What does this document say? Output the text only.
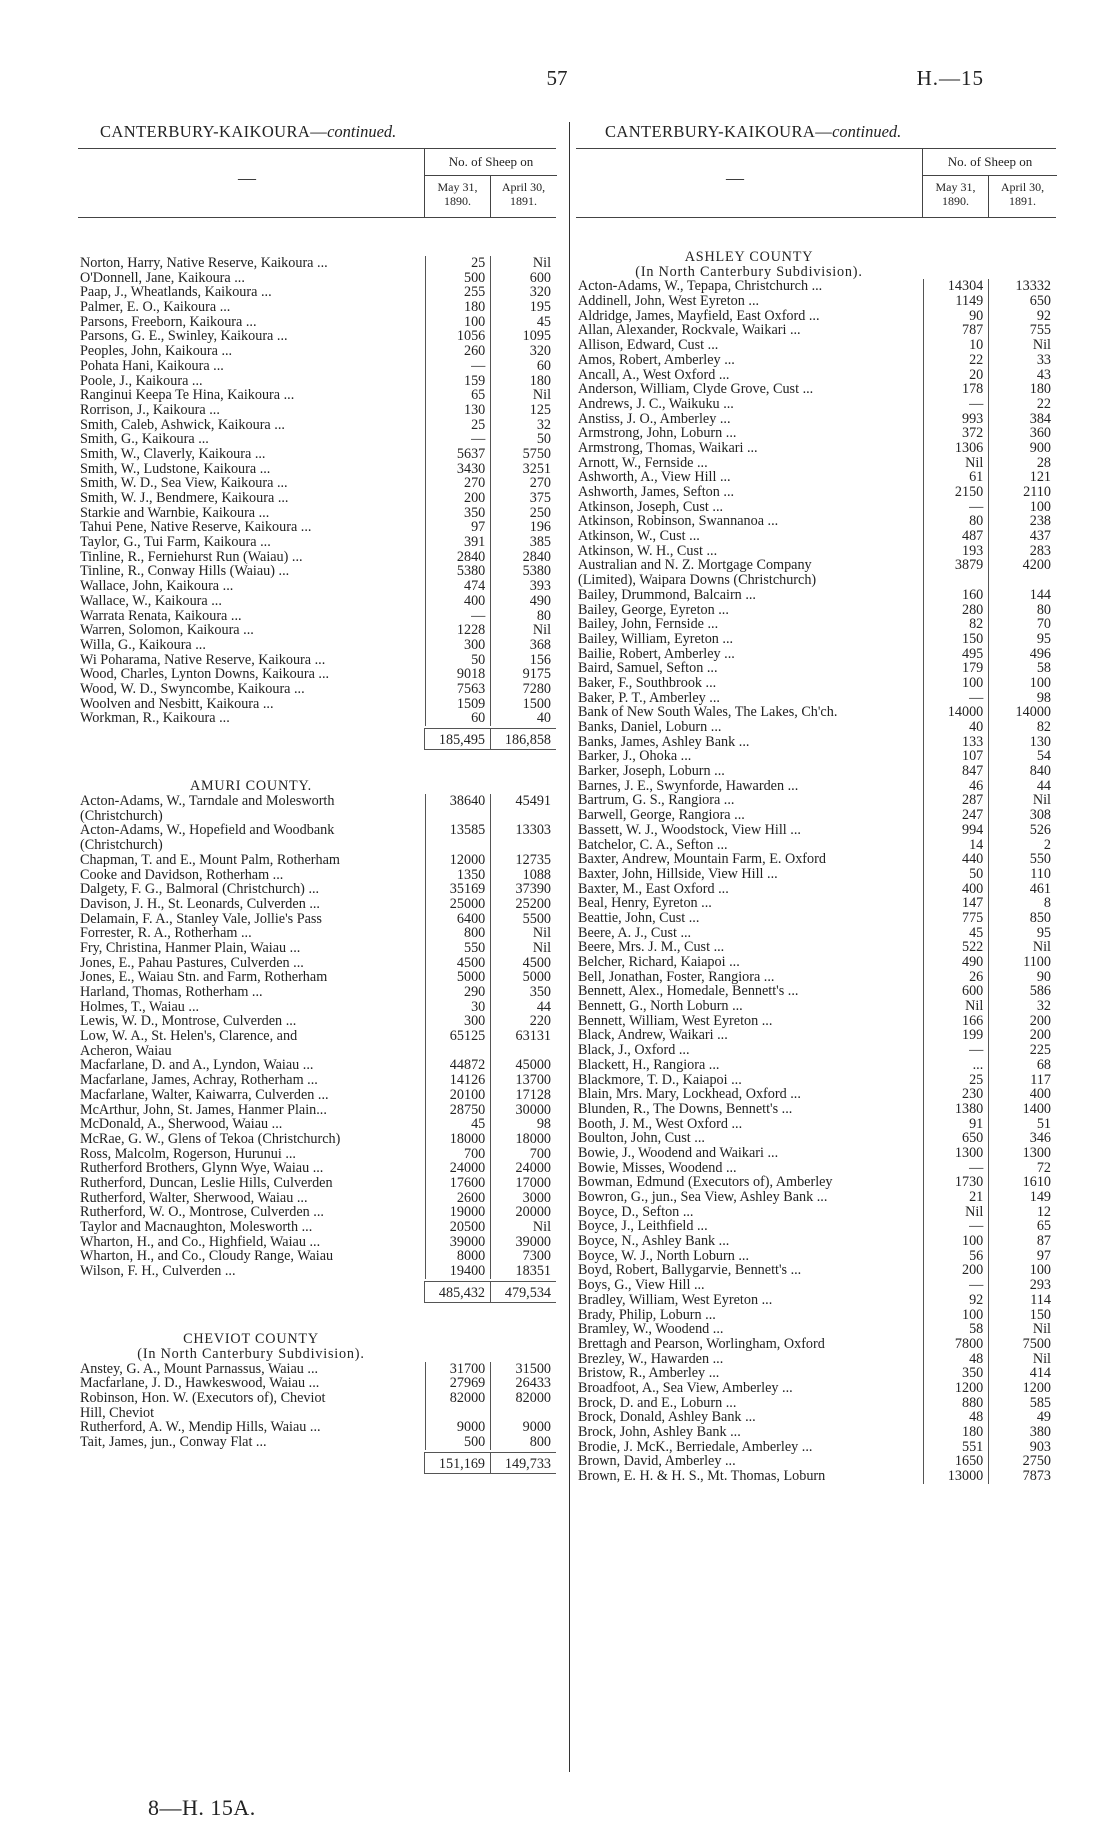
57	H.—15
CANTERBURY-KAIKOURA—continued.	CANTERBURY-KAIKOURA—continued.
—
No. of Sheep on
May 31, 1890.
April 30, 1891.
Norton, Harry, Native Reserve, Kaikoura ...	25	Nil
O'Donnell, Jane, Kaikoura ...	500	600
Paap, J., Wheatlands, Kaikoura ...	255	320
Palmer, E. O., Kaikoura ...	180	195
Parsons, Freeborn, Kaikoura ...	100	45
Parsons, G. E., Swinley, Kaikoura ...	1056	1095
Peoples, John, Kaikoura ...	260	320
Pohata Hani, Kaikoura ...	—	60
Poole, J., Kaikoura ...	159	180
Ranginui Keepa Te Hina, Kaikoura ...	65	Nil
Rorrison, J., Kaikoura ...	130	125
Smith, Caleb, Ashwick, Kaikoura ...	25	32
Smith, G., Kaikoura ...	—	50
Smith, W., Claverly, Kaikoura ...	5637	5750
Smith, W., Ludstone, Kaikoura ...	3430	3251
Smith, W. D., Sea View, Kaikoura ...	270	270
Smith, W. J., Bendmere, Kaikoura ...	200	375
Starkie and Warnbie, Kaikoura ...	350	250
Tahui Pene, Native Reserve, Kaikoura ...	97	196
Taylor, G., Tui Farm, Kaikoura ...	391	385
Tinline, R., Ferniehurst Run (Waiau) ...	2840	2840
Tinline, R., Conway Hills (Waiau) ...	5380	5380
Wallace, John, Kaikoura ...	474	393
Wallace, W., Kaikoura ...	400	490
Warrata Renata, Kaikoura ...	—	80
Warren, Solomon, Kaikoura ...	1228	Nil
Willa, G., Kaikoura ...	300	368
Wi Poharama, Native Reserve, Kaikoura ...	50	156
Wood, Charles, Lynton Downs, Kaikoura ...	9018	9175
Wood, W. D., Swyncombe, Kaikoura ...	7563	7280
Woolven and Nesbitt, Kaikoura ...	1509	1500
Workman, R., Kaikoura ...	60	40
185,495	186,858
AMURI COUNTY.
Acton-Adams, W., Tarndale and Molesworth	38640	45491
(Christchurch)
Acton-Adams, W., Hopefield and Woodbank	13585	13303
(Christchurch)
Chapman, T. and E., Mount Palm, Rotherham	12000	12735
Cooke and Davidson, Rotherham ...	1350	1088
Dalgety, F. G., Balmoral (Christchurch) ...	35169	37390
Davison, J. H., St. Leonards, Culverden ...	25000	25200
Delamain, F. A., Stanley Vale, Jollie's Pass	6400	5500
Forrester, R. A., Rotherham ...	800	Nil
Fry, Christina, Hanmer Plain, Waiau ...	550	Nil
Jones, E., Pahau Pastures, Culverden ...	4500	4500
Jones, E., Waiau Stn. and Farm, Rotherham	5000	5000
Harland, Thomas, Rotherham ...	290	350
Holmes, T., Waiau ...	30	44
Lewis, W. D., Montrose, Culverden ...	300	220
Low, W. A., St. Helen's, Clarence, and	65125	63131
Acheron, Waiau
Macfarlane, D. and A., Lyndon, Waiau ...	44872	45000
Macfarlane, James, Achray, Rotherham ...	14126	13700
Macfarlane, Walter, Kaiwarra, Culverden ...	20100	17128
McArthur, John, St. James, Hanmer Plain...	28750	30000
McDonald, A., Sherwood, Waiau ...	45	98
McRae, G. W., Glens of Tekoa (Christchurch)	18000	18000
Ross, Malcolm, Rogerson, Hurunui ...	700	700
Rutherford Brothers, Glynn Wye, Waiau ...	24000	24000
Rutherford, Duncan, Leslie Hills, Culverden	17600	17000
Rutherford, Walter, Sherwood, Waiau ...	2600	3000
Rutherford, W. O., Montrose, Culverden ...	19000	20000
Taylor and Macnaughton, Molesworth ...	20500	Nil
Wharton, H., and Co., Highfield, Waiau ...	39000	39000
Wharton, H., and Co., Cloudy Range, Waiau	8000	7300
Wilson, F. H., Culverden ...	19400	18351
485,432	479,534
CHEVIOT COUNTY
(In North Canterbury Subdivision).
Anstey, G. A., Mount Parnassus, Waiau ...	31700	31500
Macfarlane, J. D., Hawkeswood, Waiau ...	27969	26433
Robinson, Hon. W. (Executors of), Cheviot	82000	82000
Hill, Cheviot
Rutherford, A. W., Mendip Hills, Waiau ...	9000	9000
Tait, James, jun., Conway Flat ...	500	800
151,169	149,733
—
No. of Sheep on
May 31, 1890.
April 30, 1891.
ASHLEY COUNTY
(In North Canterbury Subdivision).
Acton-Adams, W., Tepapa, Christchurch ...	14304	13332
Addinell, John, West Eyreton ...	1149	650
Aldridge, James, Mayfield, East Oxford ...	90	92
Allan, Alexander, Rockvale, Waikari ...	787	755
Allison, Edward, Cust ...	10	Nil
Amos, Robert, Amberley ...	22	33
Ancall, A., West Oxford ...	20	43
Anderson, William, Clyde Grove, Cust ...	178	180
Andrews, J. C., Waikuku ...	—	22
Anstiss, J. O., Amberley ...	993	384
Armstrong, John, Loburn ...	372	360
Armstrong, Thomas, Waikari ...	1306	900
Arnott, W., Fernside ...	Nil	28
Ashworth, A., View Hill ...	61	121
Ashworth, James, Sefton ...	2150	2110
Atkinson, Joseph, Cust ...	—	100
Atkinson, Robinson, Swannanoa ...	80	238
Atkinson, W., Cust ...	487	437
Atkinson, W. H., Cust ...	193	283
Australian and N. Z. Mortgage Company	3879	4200
(Limited), Waipara Downs (Christchurch)
Bailey, Drummond, Balcairn ...	160	144
Bailey, George, Eyreton ...	280	80
Bailey, John, Fernside ...	82	70
Bailey, William, Eyreton ...	150	95
Bailie, Robert, Amberley ...	495	496
Baird, Samuel, Sefton ...	179	58
Baker, F., Southbrook ...	100	100
Baker, P. T., Amberley ...	—	98
Bank of New South Wales, The Lakes, Ch'ch.	14000	14000
Banks, Daniel, Loburn ...	40	82
Banks, James, Ashley Bank ...	133	130
Barker, J., Ohoka ...	107	54
Barker, Joseph, Loburn ...	847	840
Barnes, J. E., Swynforde, Hawarden ...	46	44
Bartrum, G. S., Rangiora ...	287	Nil
Barwell, George, Rangiora ...	247	308
Bassett, W. J., Woodstock, View Hill ...	994	526
Batchelor, C. A., Sefton ...	14	2
Baxter, Andrew, Mountain Farm, E. Oxford	440	550
Baxter, John, Hillside, View Hill ...	50	110
Baxter, M., East Oxford ...	400	461
Beal, Henry, Eyreton ...	147	8
Beattie, John, Cust ...	775	850
Beere, A. J., Cust ...	45	95
Beere, Mrs. J. M., Cust ...	522	Nil
Belcher, Richard, Kaiapoi ...	490	1100
Bell, Jonathan, Foster, Rangiora ...	26	90
Bennett, Alex., Homedale, Bennett's ...	600	586
Bennett, G., North Loburn ...	Nil	32
Bennett, William, West Eyreton ...	166	200
Black, Andrew, Waikari ...	199	200
Black, J., Oxford ...	—	225
Blackett, H., Rangiora ...	...	68
Blackmore, T. D., Kaiapoi ...	25	117
Blain, Mrs. Mary, Lockhead, Oxford ...	230	400
Blunden, R., The Downs, Bennett's ...	1380	1400
Booth, J. M., West Oxford ...	91	51
Boulton, John, Cust ...	650	346
Bowie, J., Woodend and Waikari ...	1300	1300
Bowie, Misses, Woodend ...	—	72
Bowman, Edmund (Executors of), Amberley	1730	1610
Bowron, G., jun., Sea View, Ashley Bank ...	21	149
Boyce, D., Sefton ...	Nil	12
Boyce, J., Leithfield ...	—	65
Boyce, N., Ashley Bank ...	100	87
Boyce, W. J., North Loburn ...	56	97
Boyd, Robert, Ballygarvie, Bennett's ...	200	100
Boys, G., View Hill ...	—	293
Bradley, William, West Eyreton ...	92	114
Brady, Philip, Loburn ...	100	150
Bramley, W., Woodend ...	58	Nil
Brettagh and Pearson, Worlingham, Oxford	7800	7500
Brezley, W., Hawarden ...	48	Nil
Bristow, R., Amberley ...	350	414
Broadfoot, A., Sea View, Amberley ...	1200	1200
Brock, D. and E., Loburn ...	880	585
Brock, Donald, Ashley Bank ...	48	49
Brock, John, Ashley Bank ...	180	380
Brodie, J. McK., Berriedale, Amberley ...	551	903
Brown, David, Amberley ...	1650	2750
Brown, E. H. & H. S., Mt. Thomas, Loburn	13000	7873
8—H. 15A.
